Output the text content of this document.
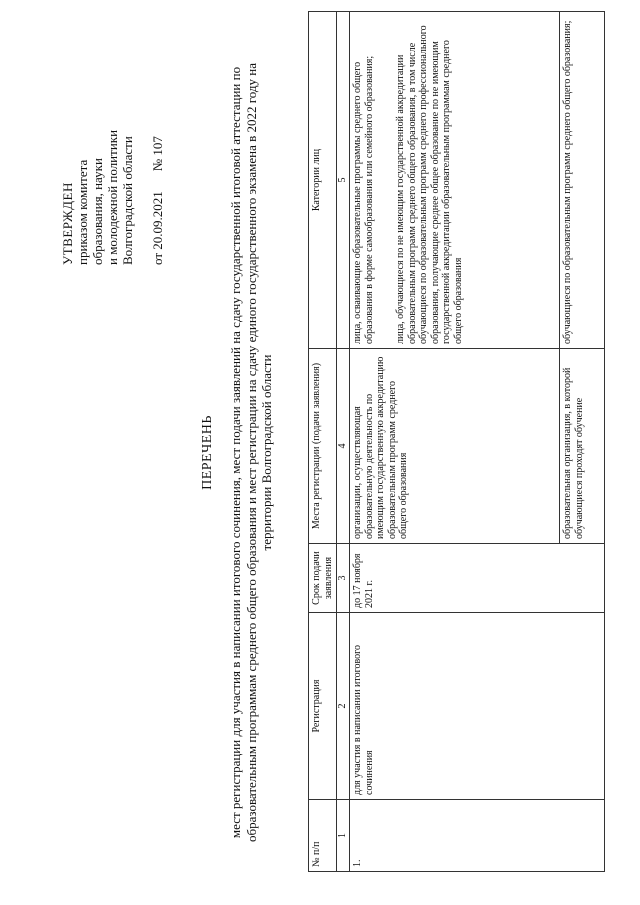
УТВЕРЖДЕН приказом комитета образования, науки и молодежной политики Волгоградской области от 20.09.2021
№ 107
ПЕРЕЧЕНЬ мест регистрации для участия в написании итогового сочинения, мест подачи заявлений на сдачу государственной итоговой аттестации по образовательным программам среднего общего образования и мест регистрации на сдачу единого государственного экзамена в 2022 году на территории Волгоградской области
№ п/п	Регистрация	Срок подачи заявления	Места регистрации (подачи заявления)	Категории лиц
1	2	3	4	5
1.	для участия в написании итогового сочинения	до 17 ноября 2021 г.	организации, осуществляющая образовательную деятельность по имеющим государственную аккредитацию образовательным программ среднего общего образования	лица, осваивающие образовательные программы среднего общего образования в форме самообразования или семейного образования; лица, обучающиеся по не имеющим государственной аккредитации образовательным программ среднего общего образования, в том числе обучающиеся по образовательным программ среднего профессионального образования, получающие среднее общее образование по не имеющим государственной аккредитации образовательным программам среднего общего образования

			образовательная организация, в которой обучающиеся проходят обучение	обучающиеся по образовательным программ среднего общего образования;
